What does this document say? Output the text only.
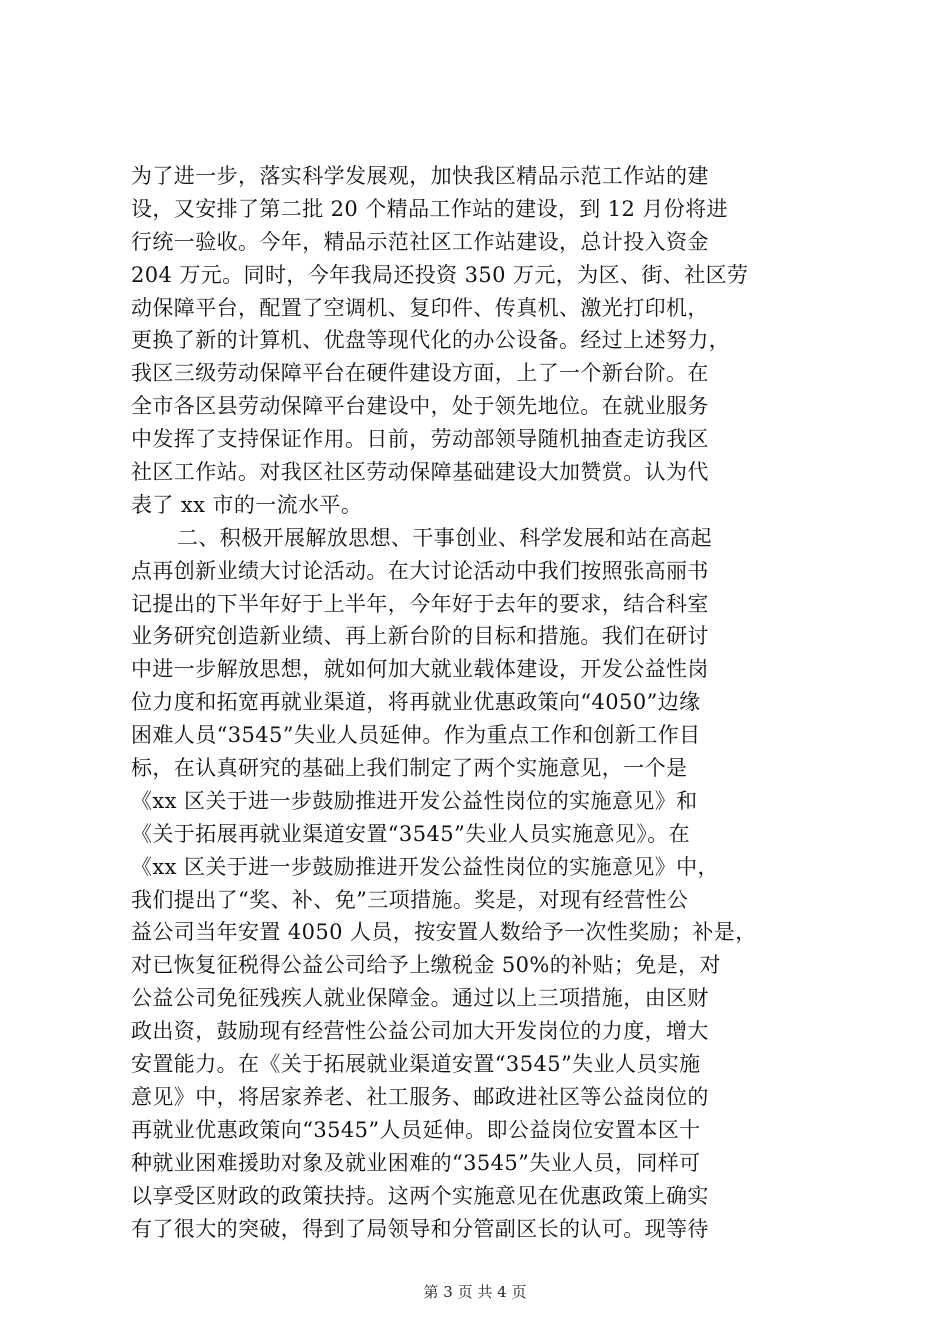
为了进一步，落实科学发展观，加快我区精品示范工作站的建
设，又安排了第二批 20 个精品工作站的建设，到 12 月份将进
行统一验收。今年，精品示范社区工作站建设，总计投入资金
204 万元。同时，今年我局还投资 350 万元，为区、街、社区劳
动保障平台，配置了空调机、复印件、传真机、激光打印机，
更换了新的计算机、优盘等现代化的办公设备。经过上述努力，
我区三级劳动保障平台在硬件建设方面，上了一个新台阶。在
全市各区县劳动保障平台建设中，处于领先地位。在就业服务
中发挥了支持保证作用。日前，劳动部领导随机抽查走访我区
社区工作站。对我区社区劳动保障基础建设大加赞赏。认为代
表了 xx 市的一流水平。
二、积极开展解放思想、干事创业、科学发展和站在高起
点再创新业绩大讨论活动。在大讨论活动中我们按照张高丽书
记提出的下半年好于上半年，今年好于去年的要求，结合科室
业务研究创造新业绩、再上新台阶的目标和措施。我们在研讨
中进一步解放思想，就如何加大就业载体建设，开发公益性岗
位力度和拓宽再就业渠道，将再就业优惠政策向“4050”边缘
困难人员“3545”失业人员延伸。作为重点工作和创新工作目
标，在认真研究的基础上我们制定了两个实施意见，一个是
《xx 区关于进一步鼓励推进开发公益性岗位的实施意见》和
《关于拓展再就业渠道安置“3545”失业人员实施意见》。在
《xx 区关于进一步鼓励推进开发公益性岗位的实施意见》中，
我们提出了“奖、补、免”三项措施。奖是，对现有经营性公
益公司当年安置 4050 人员，按安置人数给予一次性奖励；补是，
对已恢复征税得公益公司给予上缴税金 50%的补贴；免是，对
公益公司免征残疾人就业保障金。通过以上三项措施，由区财
政出资，鼓励现有经营性公益公司加大开发岗位的力度，增大
安置能力。在《关于拓展就业渠道安置“3545”失业人员实施
意见》中，将居家养老、社工服务、邮政进社区等公益岗位的
再就业优惠政策向“3545”人员延伸。即公益岗位安置本区十
种就业困难援助对象及就业困难的“3545”失业人员，同样可
以享受区财政的政策扶持。这两个实施意见在优惠政策上确实
有了很大的突破，得到了局领导和分管副区长的认可。现等待
第 3 页 共 4 页
